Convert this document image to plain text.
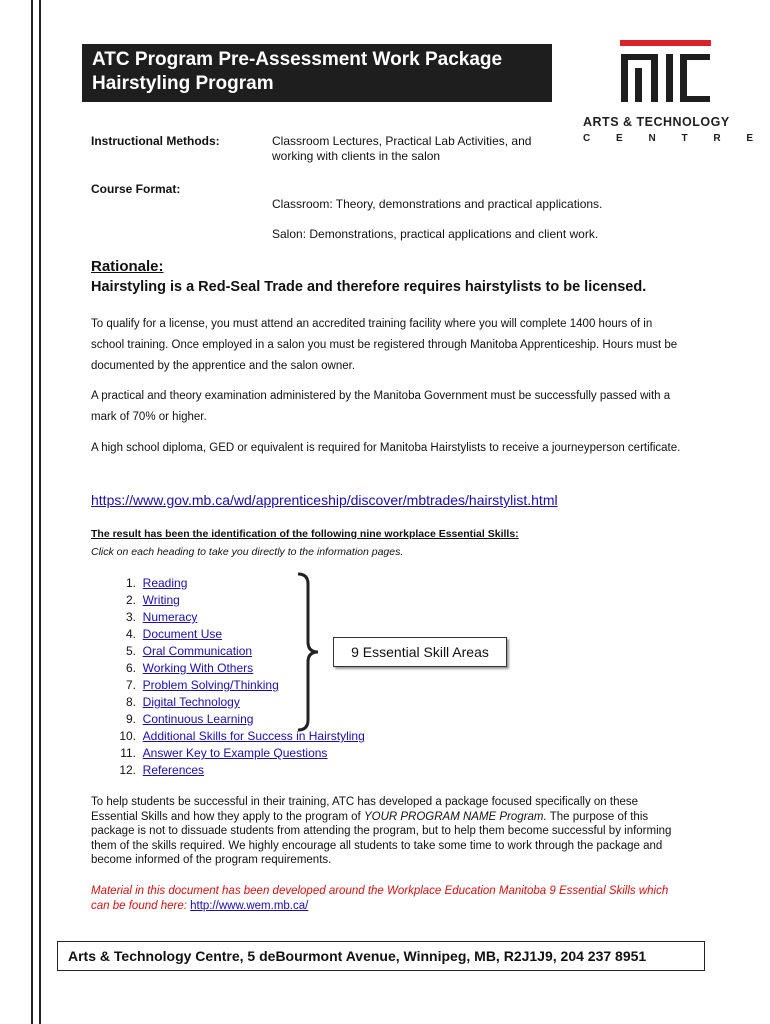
ATC Program Pre-Assessment Work Package
Hairstyling Program
ARTS & TECHNOLOGY
C	E	N	T	R	E
Instructional Methods:	Classroom Lectures, Practical Lab Activities, and
working with clients in the salon
Course Format:
Classroom: Theory, demonstrations and practical applications.
Salon: Demonstrations, practical applications and client work.
Rationale:
Hairstyling is a Red-Seal Trade and therefore requires hairstylists to be licensed.
To qualify for a license, you must attend an accredited training facility where you will complete 1400 hours of in school training. Once employed in a salon you must be registered through Manitoba Apprenticeship. Hours must be documented by the apprentice and the salon owner.
A practical and theory examination administered by the Manitoba Government must be successfully passed with a mark of 70% or higher.
A high school diploma, GED or equivalent is required for Manitoba Hairstylists to receive a journeyperson certificate.
https://www.gov.mb.ca/wd/apprenticeship/discover/mbtrades/hairstylist.html
The result has been the identification of the following nine workplace Essential Skills:
Click on each heading to take you directly to the information pages.
1.
Reading
2.
Writing
3.
Numeracy
4.
Document Use
5.
Oral Communication
6.
Working With Others
7.
Problem Solving/Thinking
8.
Digital Technology
9.
Continuous Learning
10.
Additional Skills for Success in Hairstyling
11.
Answer Key to Example Questions
12.
References
9 Essential Skill Areas
To help students be successful in their training, ATC has developed a package focused specifically on these Essential Skills and how they apply to the program of YOUR PROGRAM NAME Program. The purpose of this package is not to dissuade students from attending the program, but to help them become successful by informing them of the skills required. We highly encourage all students to take some time to work through the package and become informed of the program requirements.
Material in this document has been developed around the Workplace Education Manitoba 9 Essential Skills which can be found here: http://www.wem.mb.ca/
Arts & Technology Centre, 5 deBourmont Avenue, Winnipeg, MB, R2J1J9, 204 237 8951
